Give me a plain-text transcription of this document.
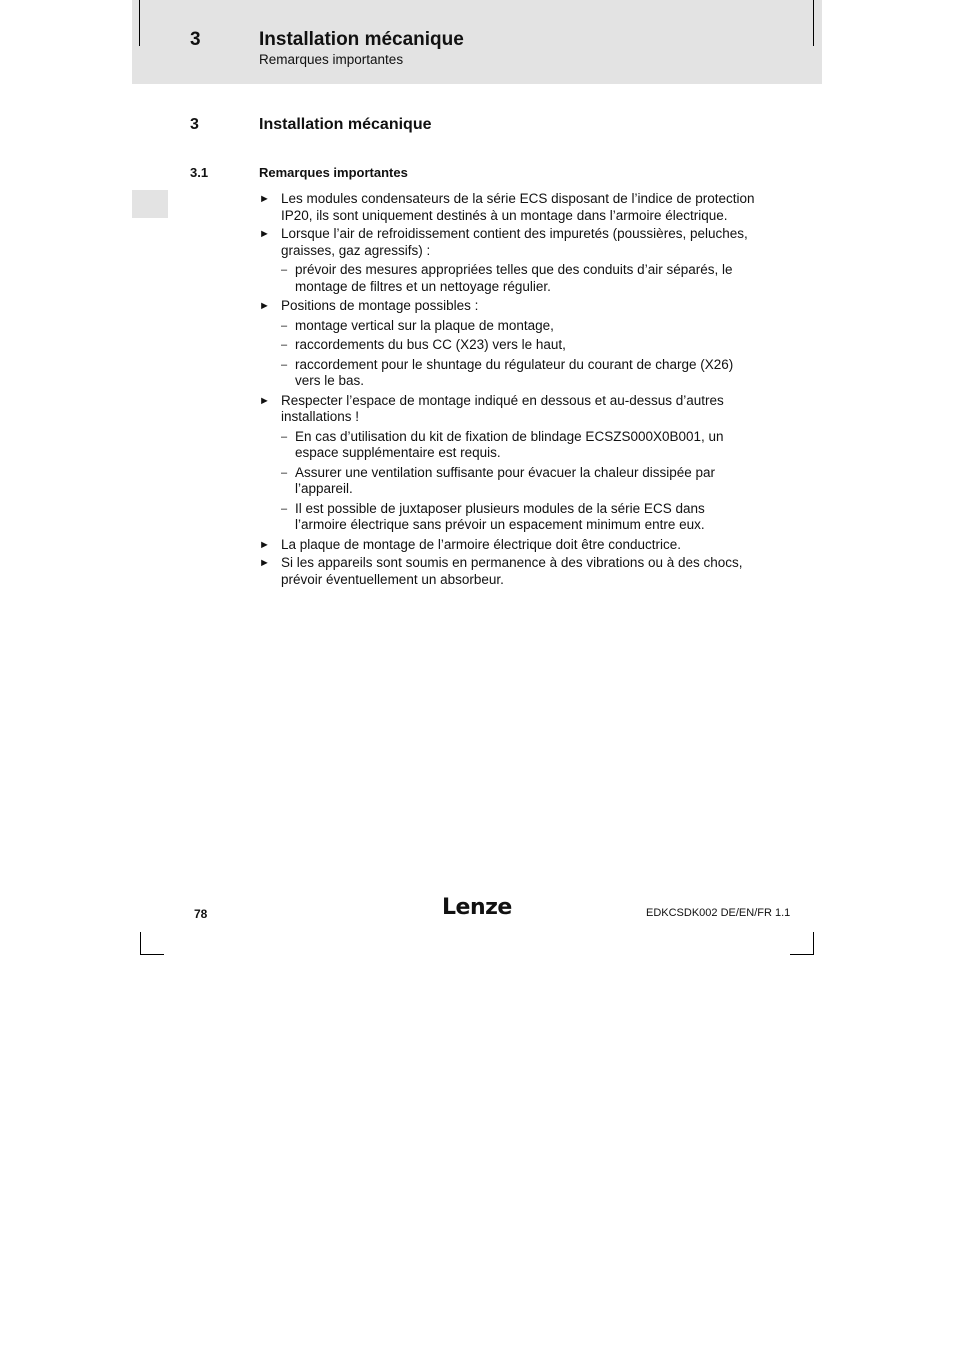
3	Installation mécanique
Remarques importantes
3	Installation mécanique
3.1	Remarques importantes
► Les modules condensateurs de la série ECS disposant de l’indice de protection IP20, ils sont uniquement destinés à un montage dans l’armoire électrique.
► Lorsque l’air de refroidissement contient des impuretés (poussières, peluches, graisses, gaz agressifs) :
– prévoir des mesures appropriées telles que des conduits d’air séparés, le montage de filtres et un nettoyage régulier.
► Positions de montage possibles :
– montage vertical sur la plaque de montage,
– raccordements du bus CC (X23) vers le haut,
– raccordement pour le shuntage du régulateur du courant de charge (X26) vers le bas.
► Respecter l’espace de montage indiqué en dessous et au-dessus d’autres installations !
– En cas d’utilisation du kit de fixation de blindage ECSZS000X0B001, un espace supplémentaire est requis.
– Assurer une ventilation suffisante pour évacuer la chaleur dissipée par l’appareil.
– Il est possible de juxtaposer plusieurs modules de la série ECS dans l’armoire électrique sans prévoir un espacement minimum entre eux.
► La plaque de montage de l’armoire électrique doit être conductrice.
► Si les appareils sont soumis en permanence à des vibrations ou à des chocs, prévoir éventuellement un absorbeur.
78	Lenze	EDKCSDK002 DE/EN/FR 1.1
